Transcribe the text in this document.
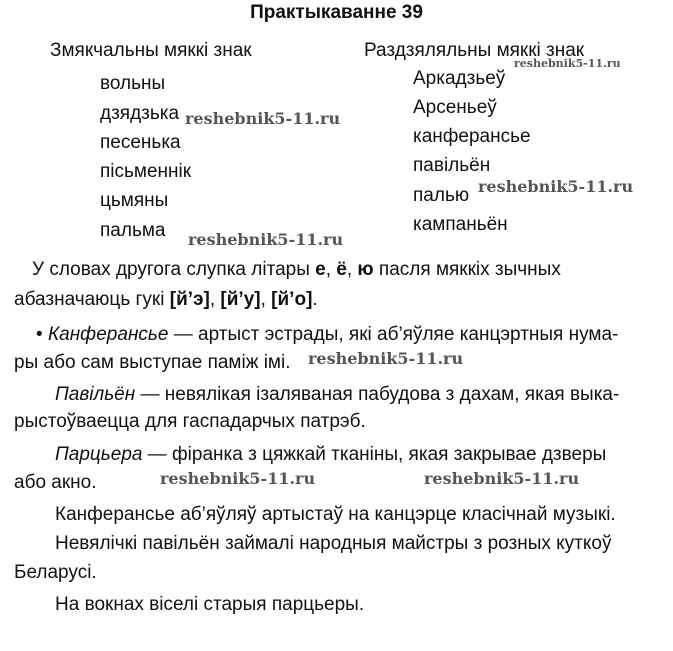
Практыкаванне 39
Змякчальны мяккі знак	Раздзяляльны мяккі знак
вольны
дзядзька
песенька
пісьменнік
цьмяны
пальма
Аркадзьеў
Арсеньеў
канферансье
павільён
палью
кампаньён
У словах другога слупка літары е, ё, ю пасля мяккіх зычных
абазначаюць гукі [й’э], [й’у], [й’о].
• Канферансье — артыст эстрады, які аб’яўляе канцэртныя нума-
ры або сам выступае паміж імі.
Павільён — невялікая ізаляваная пабудова з дахам, якая выка-
рыстоўваецца для гаспадарчых патрэб.
Парцьера — фіранка з цяжкай тканіны, якая закрывае дзверы
або акно.
Канферансье аб’яўляў артыстаў на канцэрце класічнай музыкі.
Невялічкі павільён займалі народныя майстры з розных куткоў
Беларусі.
На вокнах віселі старыя парцьеры.
reshebnik5-11.ru
reshebnik5-11.ru
reshebnik5-11.ru
reshebnik5-11.ru
reshebnik5-11.ru
reshebnik5-11.ru	reshebnik5-11.ru
